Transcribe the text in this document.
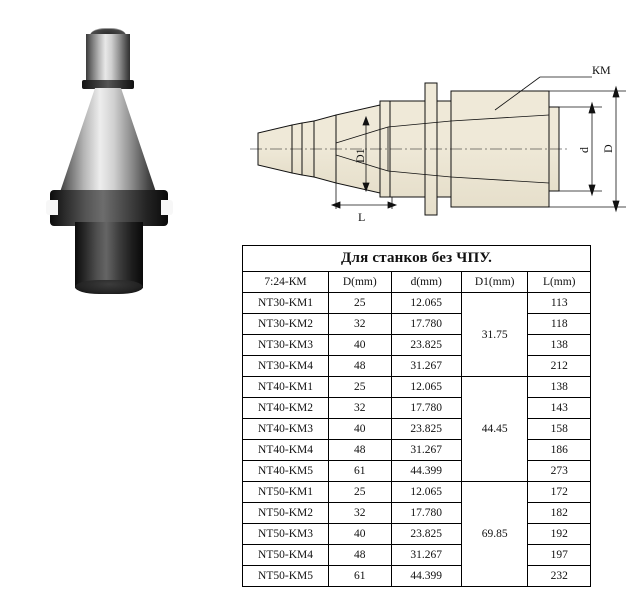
КМ
D1
L
d D
Для станков без ЧПУ.				
7:24-КМ	D(mm)	d(mm)	D1(mm)	L(mm)
NT30-KM1	25	12.065	31.75	113
NT30-KM2	32	17.780		118
NT30-KM3	40	23.825		138
NT30-KM4	48	31.267		212
NT40-KM1	25	12.065	44.45	138
NT40-KM2	32	17.780		143
NT40-KM3	40	23.825		158
NT40-KM4	48	31.267		186
NT40-KM5	61	44.399		273
NT50-KM1	25	12.065	69.85	172
NT50-KM2	32	17.780		182
NT50-KM3	40	23.825		192
NT50-KM4	48	31.267		197
NT50-KM5	61	44.399		232
